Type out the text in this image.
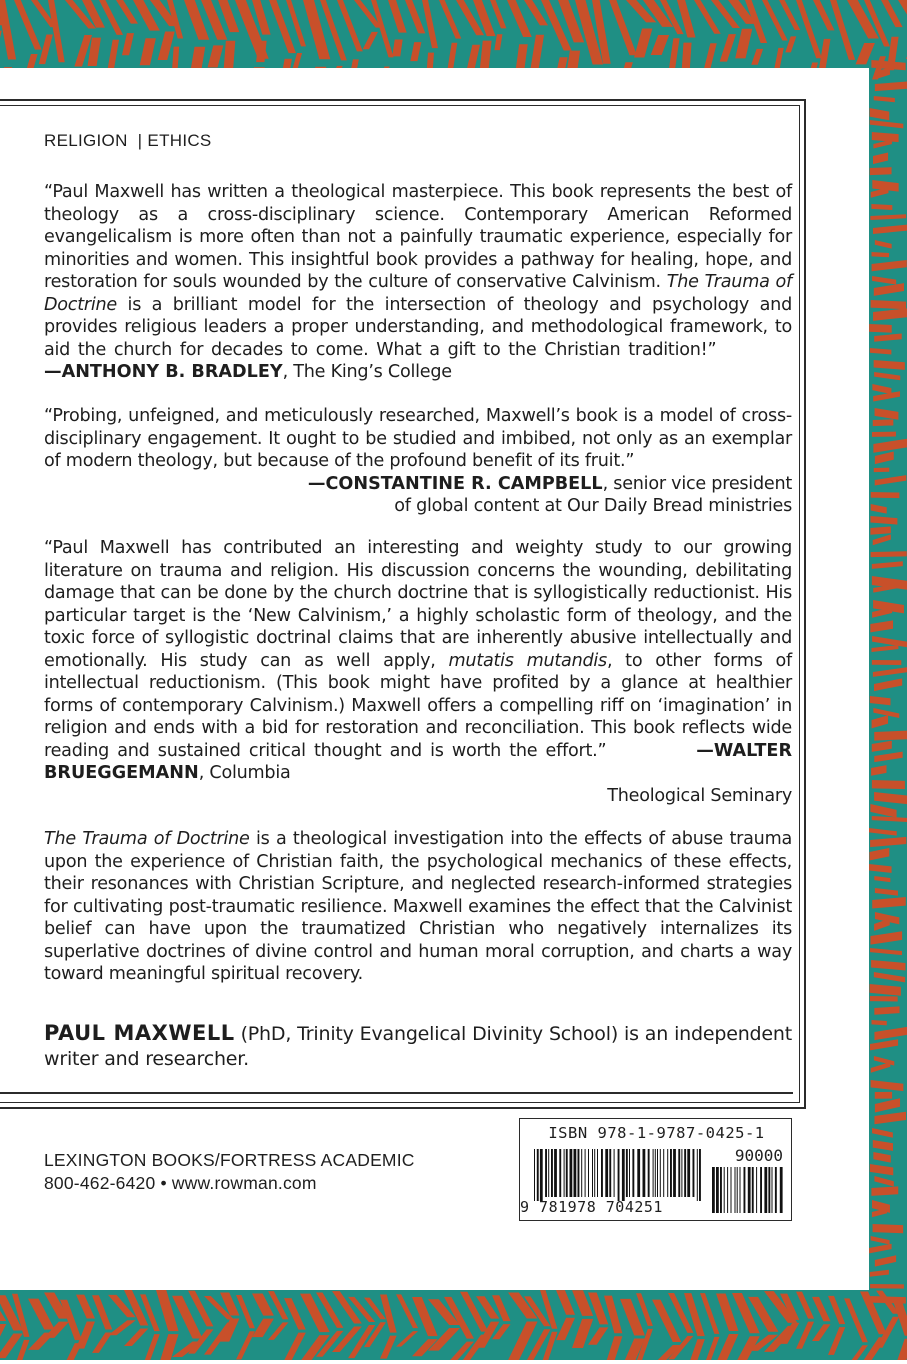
RELIGION  | ETHICS
“Paul Maxwell has written a theological masterpiece. This book represents the best of theology as a cross-disciplinary science. Contemporary American Reformed evangelicalism is more often than not a painfully traumatic experience, especially for minorities and women. This insightful book provides a pathway for healing, hope, and restoration for souls wounded by the culture of conservative Calvinism. The Trauma of Doctrine is a brilliant model for the intersection of theology and psychology and provides religious leaders a proper understanding, and methodological framework, to aid the church for decades to come. What a gift to the Christian tradition!”           —ANTHONY B. BRADLEY, The King’s College
“Probing, unfeigned, and meticulously researched, Maxwell’s book is a model of cross-disciplinary engagement. It ought to be studied and imbibed, not only as an exemplar of modern theology, but because of the profound benefit of its fruit.”
—CONSTANTINE R. CAMPBELL, senior vice president
of global content at Our Daily Bread ministries
“Paul Maxwell has contributed an interesting and weighty study to our growing literature on trauma and religion. His discussion concerns the wounding, debilitating damage that can be done by the church doctrine that is syllogistically reductionist. His particular target is the ‘New Calvinism,’ a highly scholastic form of theology, and the toxic force of syllogistic doctrinal claims that are inherently abusive intellectually and emotionally. His study can as well apply, mutatis mutandis, to other forms of intellectual reductionism. (This book might have profited by a glance at healthier forms of contemporary Calvinism.) Maxwell offers a compelling riff on ‘imagination’ in religion and ends with a bid for restoration and reconciliation. This book reflects wide reading and sustained critical thought and is worth the effort.”	—WALTER BRUEGGEMANN, Columbia
Theological Seminary
The Trauma of Doctrine is a theological investigation into the effects of abuse trauma upon the experience of Christian faith, the psychological mechanics of these effects, their resonances with Christian Scripture, and neglected research-informed strategies for cultivating post-traumatic resilience. Maxwell examines the effect that the Calvinist belief can have upon the traumatized Christian who negatively internalizes its superlative doctrines of divine control and human moral corruption, and charts a way toward meaningful spiritual recovery.
PAUL MAXWELL (PhD, Trinity Evangelical Divinity School) is an independent writer and researcher.
LEXINGTON BOOKS/FORTRESS ACADEMIC
800-462-6420 • www.rowman.com
ISBN 978-1-9787-0425-1
90000
9 781978 704251
